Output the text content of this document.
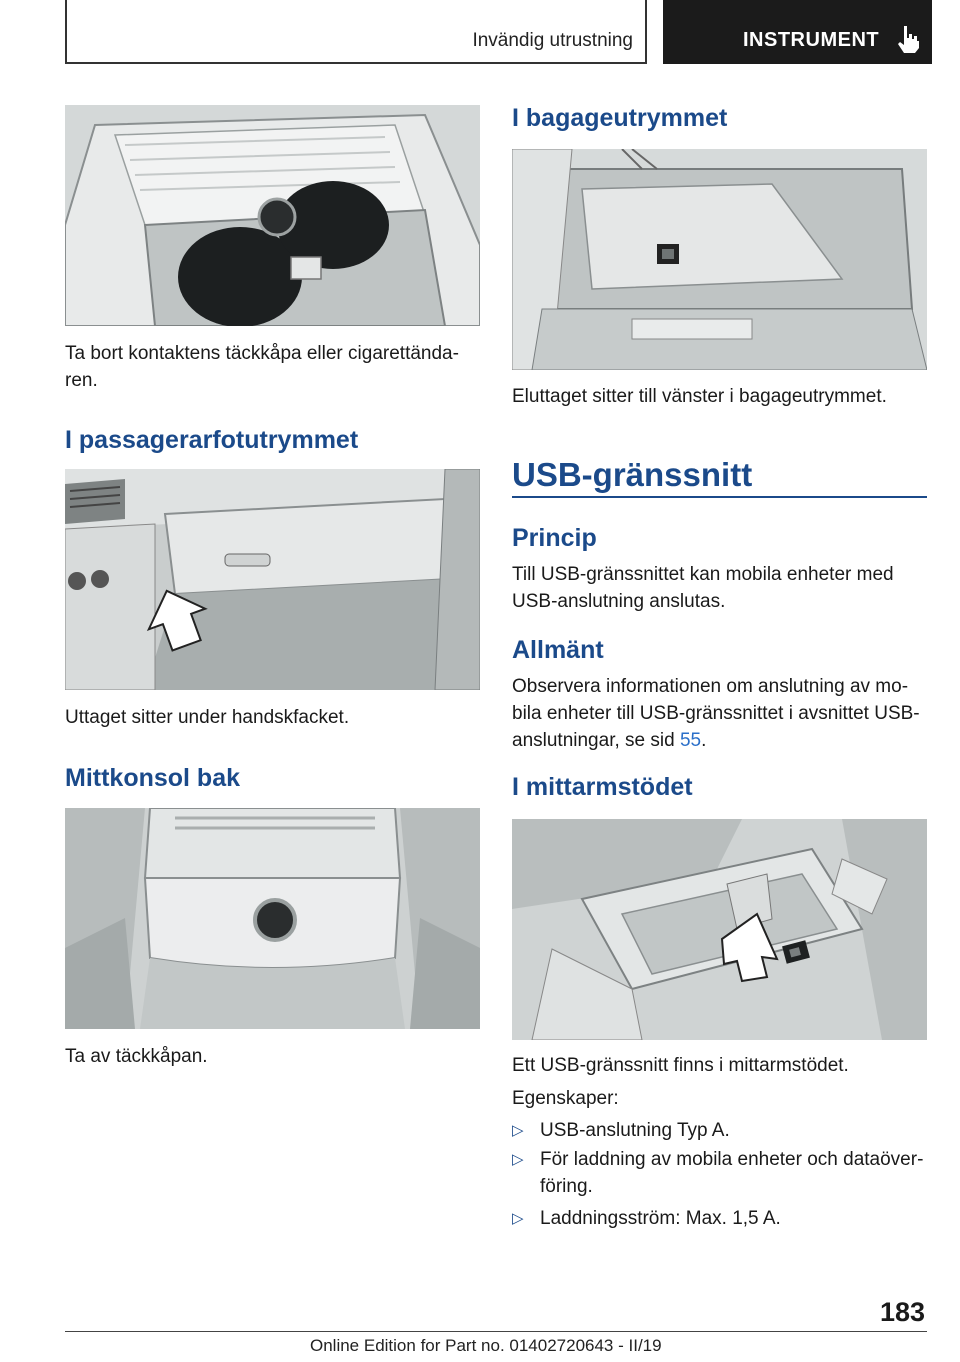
Invändig utrustning	INSTRUMENT
Ta bort kontaktens täckkåpa eller cigarettända-
ren.
I passagerarfotutrymmet
Uttaget sitter under handskfacket.
Mittkonsol bak
Ta av täckkåpan.
I bagageutrymmet
Eluttaget sitter till vänster i bagageutrymmet.
USB-gränssnitt
Princip
Till USB-gränssnittet kan mobila enheter med
USB-anslutning anslutas.
Allmänt
Observera informationen om anslutning av mo-
bila enheter till USB-gränssnittet i avsnittet USB-
anslutningar, se sid 55.
I mittarmstödet
Ett USB-gränssnitt finns i mittarmstödet.
Egenskaper:
▷ USB-anslutning Typ A.
▷ För laddning av mobila enheter och dataöver-
föring.
▷ Laddningsström: Max. 1,5 A.
183
Online Edition for Part no. 01402720643 - II/19
